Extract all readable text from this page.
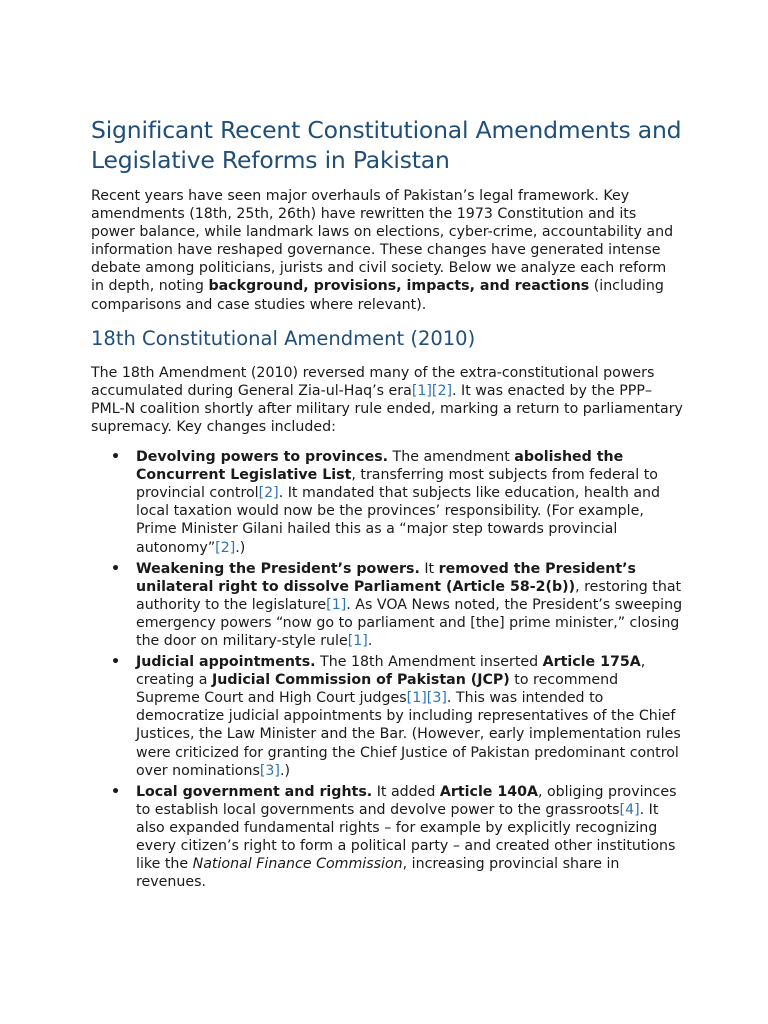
Significant Recent Constitutional Amendments and Legislative Reforms in Pakistan

Recent years have seen major overhauls of Pakistan’s legal framework. Key amendments (18th, 25th, 26th) have rewritten the 1973 Constitution and its power balance, while landmark laws on elections, cyber-crime, accountability and information have reshaped governance. These changes have generated intense debate among politicians, jurists and civil society. Below we analyze each reform in depth, noting background, provisions, impacts, and reactions (including comparisons and case studies where relevant).

18th Constitutional Amendment (2010)

The 18th Amendment (2010) reversed many of the extra-constitutional powers accumulated during General Zia-ul-Haq’s era[1][2]. It was enacted by the PPP–PML-N coalition shortly after military rule ended, marking a return to parliamentary supremacy. Key changes included:

• Devolving powers to provinces. The amendment abolished the Concurrent Legislative List, transferring most subjects from federal to provincial control[2]. It mandated that subjects like education, health and local taxation would now be the provinces’ responsibility. (For example, Prime Minister Gilani hailed this as a “major step towards provincial autonomy”[2].)
• Weakening the President’s powers. It removed the President’s unilateral right to dissolve Parliament (Article 58-2(b)), restoring that authority to the legislature[1]. As VOA News noted, the President’s sweeping emergency powers “now go to parliament and [the] prime minister,” closing the door on military-style rule[1].
• Judicial appointments. The 18th Amendment inserted Article 175A, creating a Judicial Commission of Pakistan (JCP) to recommend Supreme Court and High Court judges[1][3]. This was intended to democratize judicial appointments by including representatives of the Chief Justices, the Law Minister and the Bar. (However, early implementation rules were criticized for granting the Chief Justice of Pakistan predominant control over nominations[3].)
• Local government and rights. It added Article 140A, obliging provinces to establish local governments and devolve power to the grassroots[4]. It also expanded fundamental rights – for example by explicitly recognizing every citizen’s right to form a political party – and created other institutions like the National Finance Commission, increasing provincial share in revenues.
